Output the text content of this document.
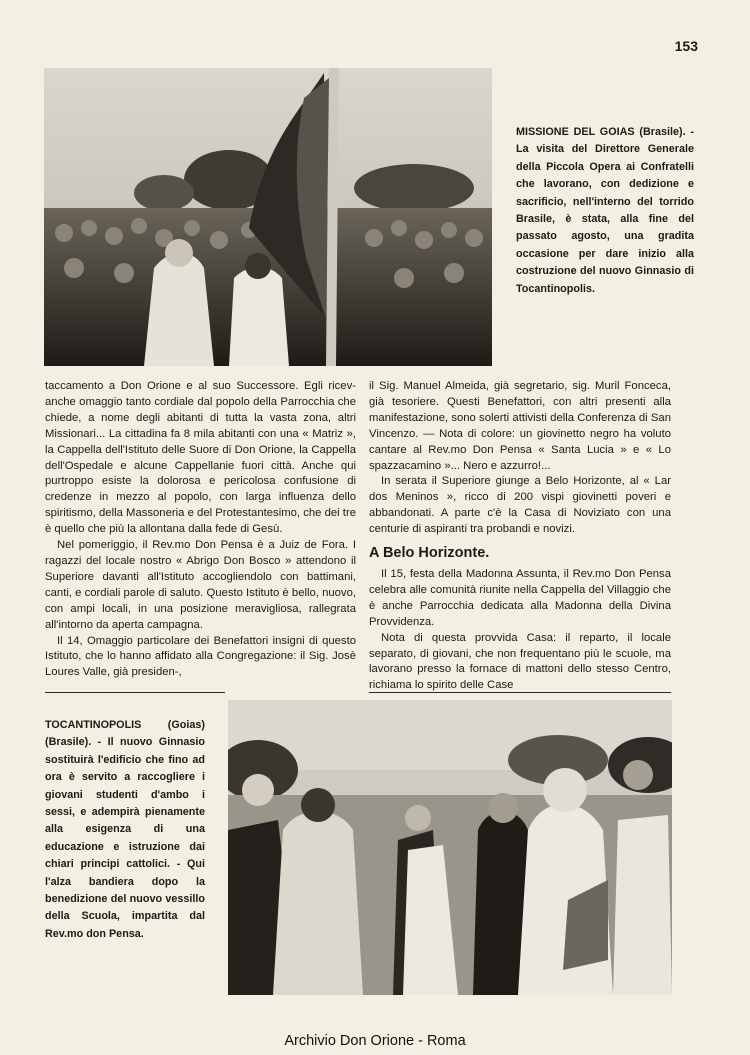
153
MISSIONE DEL GOIAS (Brasile). - La visita del Direttore Generale della Piccola Opera ai Confratelli che lavorano, con dedizione e sacrificio, nell'interno del torrido Brasile, è stata, alla fine del passato agosto, una gradita occasione per dare inizio alla costruzione del nuovo Ginnasio di Tocantinopolis.

taccamento a Don Orione e al suo Successore. Egli ricev- anche omaggio tanto cordiale dal popolo della Parrocchia che chiede, a nome degli abitanti di tutta la vasta zona, altri Missionari... La cittadina fa 8 mila abitanti con una « Matriz », la Cappella dell'Istituto delle Suore di Don Orione, la Cappella dell'Ospedale e alcune Cappellanie fuori città. Anche qui purtroppo esiste la dolorosa e pericolosa confusione di credenze in mezzo al popolo, con larga influenza dello spiritismo, della Massoneria e del Protestantesimo, che dei tre è quello che più la allontana dalla fede di Gesù.

Nel pomeriggio, il Rev.mo Don Pensa è a Juiz de Fora. I ragazzi del locale nostro « Abrigo Don Bosco » attendono il Superiore davanti all'Istituto accogliendolo con battimani, canti, e cordiali parole di saluto. Questo Istituto è bello, nuovo, con ampi locali, in una posizione meravigliosa, rallegrata all'intorno da aperta campagna.

Il 14, Omaggio particolare dei Benefattori insigni di questo Istituto, che lo hanno affidato alla Congregazione: il Sig. Josè Loures Valle, già presiden-,

il Sig. Manuel Almeida, già segretario, sig. Muril Fonceca, già tesoriere. Questi Benefattori, con altri presenti alla manifestazione, sono solerti attivisti della Conferenza di San Vincenzo. — Nota di colore: un giovinetto negro ha voluto cantare al Rev.mo Don Pensa « Santa Lucia » e « Lo spazzacamino »... Nero e azzurro!...

In serata il Superiore giunge a Belo Horizonte, al « Lar dos Meninos », ricco di 200 vispi giovinetti poveri e abbandonati. A parte c'è la Casa di Noviziato con una centurie di aspiranti tra probandi e novizi.

A Belo Horizonte.

Il 15, festa della Madonna Assunta, il Rev.mo Don Pensa celebra alle comunità riunite nella Cappella del Villaggio che è anche Parrocchia dedicata alla Madonna della Divina Provvidenza.

Nota di questa provvida Casa: il reparto, il locale separato, di giovani, che non frequentano più le scuole, ma lavorano presso la fornace di mattoni dello stesso Centro, richiama lo spirito delle Case

TOCANTINOPOLIS (Goias) (Brasile). - Il nuovo Ginnasio sostituirà l'edificio che fino ad ora è servito a raccogliere i giovani studenti d'ambo i sessi, e adempirà pienamente alla esigenza di una educazione e istruzione dai chiari principi cattolici. - Qui l'alza bandiera dopo la benedizione del nuovo vessillo della Scuola, impartita dal Rev.mo don Pensa.
Archivio Don Orione - Roma
